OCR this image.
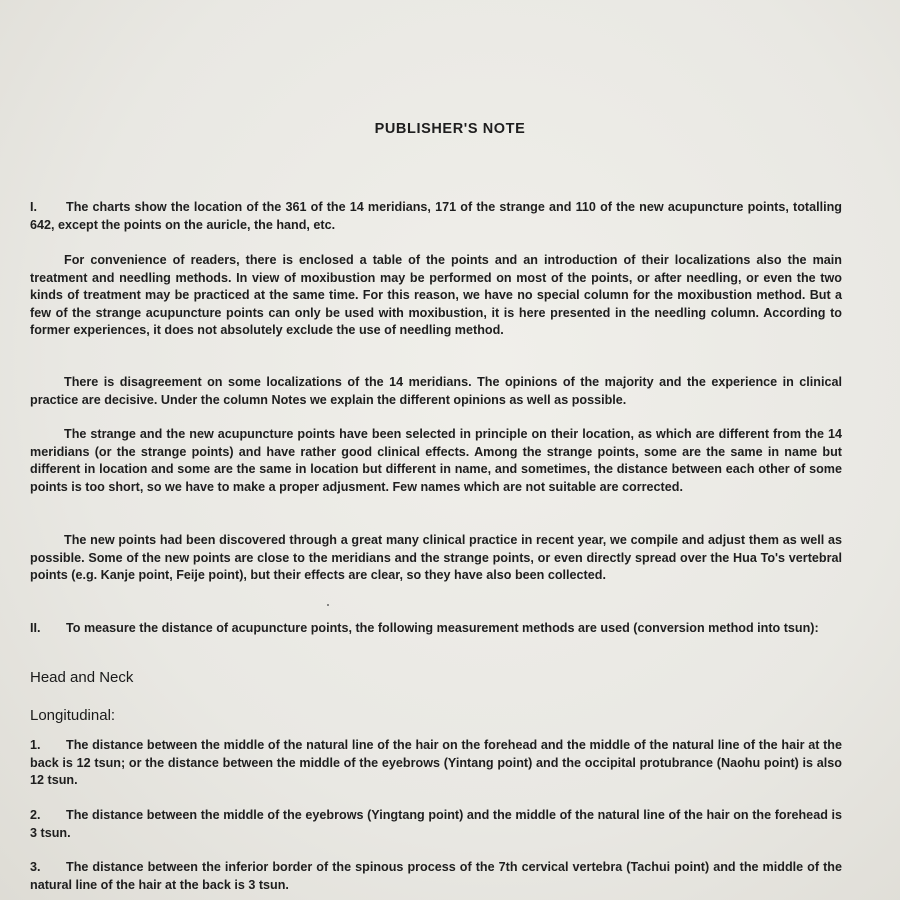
PUBLISHER'S NOTE

I. The charts show the location of the 361 of the 14 meridians, 171 of the strange and 110 of the new acupuncture points, totalling 642, except the points on the auricle, the hand, etc.

For convenience of readers, there is enclosed a table of the points and an introduction of their localizations also the main treatment and needling methods. In view of moxibustion may be performed on most of the points, or after needling, or even the two kinds of treatment may be practiced at the same time. For this reason, we have no special column for the moxibustion method. But a few of the strange acupuncture points can only be used with moxibustion, it is here presented in the needling column. According to former experiences, it does not absolutely exclude the use of needling method.

There is disagreement on some localizations of the 14 meridians. The opinions of the majority and the experience in clinical practice are decisive. Under the column Notes we explain the different opinions as well as possible.

The strange and the new acupuncture points have been selected in principle on their location, as which are different from the 14 meridians (or the strange points) and have rather good clinical effects. Among the strange points, some are the same in name but different in location and some are the same in location but different in name, and sometimes, the distance between each other of some points is too short, so we have to make a proper adjusment. Few names which are not suitable are corrected.

The new points had been discovered through a great many clinical practice in recent year, we compile and adjust them as well as possible. Some of the new points are close to the meridians and the strange points, or even directly spread over the Hua To's vertebral points (e.g. Kanje point, Feije point), but their effects are clear, so they have also been collected.

II. To measure the distance of acupuncture points, the following measurement methods are used (conversion method into tsun):

Head and Neck
Longitudinal:

1. The distance between the middle of the natural line of the hair on the forehead and the middle of the natural line of the hair at the back is 12 tsun; or the distance between the middle of the eyebrows (Yintang point) and the occipital protubrance (Naohu point) is also 12 tsun.

2. The distance between the middle of the eyebrows (Yingtang point) and the middle of the natural line of the hair on the forehead is 3 tsun.

3. The distance between the inferior border of the spinous process of the 7th cervical vertebra (Tachui point) and the middle of the natural line of the hair at the back is 3 tsun.
